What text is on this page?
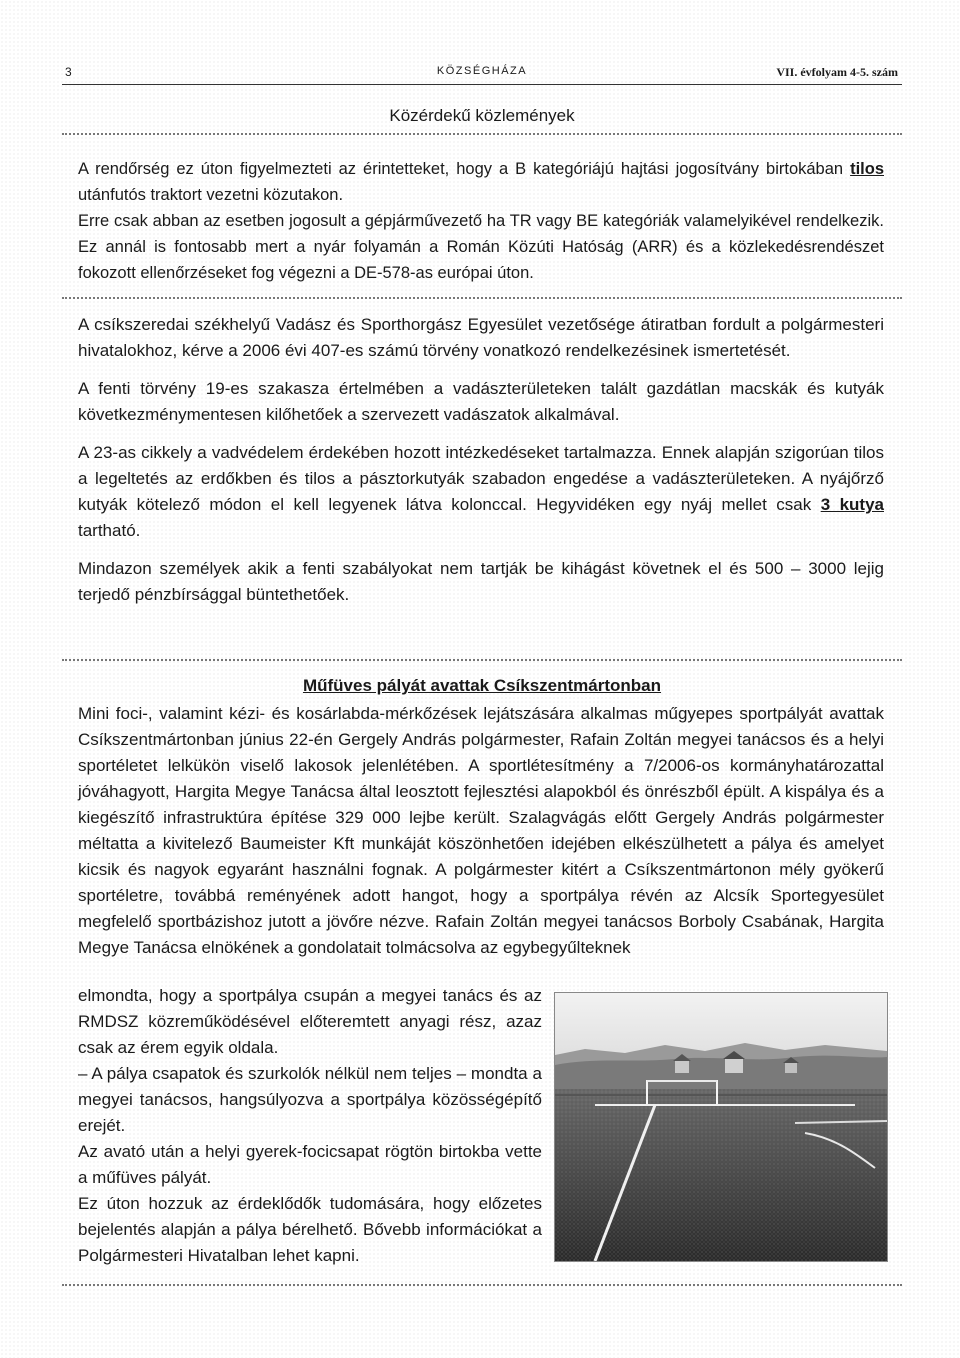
3	KÖZSÉGHÁZA	VII. évfolyam 4-5. szám
Közérdekű közlemények

A rendőrség ez úton figyelmezteti az érintetteket, hogy a B kategóriájú hajtási jogosítvány birtokában tilos utánfutós traktort vezetni közutakon.

Erre csak abban az esetben jogosult a gépjárművezető ha TR vagy BE kategóriák valamelyikével rendelkezik. Ez annál is fontosabb mert a nyár folyamán a Román Közúti Hatóság (ARR) és a közlekedésrendészet fokozott ellenőrzéseket fog végezni a DE-578-as európai úton.

A csíkszeredai székhelyű Vadász és Sporthorgász Egyesület vezetősége átiratban fordult a polgármesteri hivatalokhoz, kérve a 2006 évi 407-es számú törvény vonatkozó rendelkezésinek ismertetését.

A fenti törvény 19-es szakasza értelmében a vadászterületeken talált gazdátlan macskák és kutyák következménymentesen kilőhetőek a szervezett vadászatok alkalmával.

A 23-as cikkely a vadvédelem érdekében hozott intézkedéseket tartalmazza. Ennek alapján szigorúan tilos a legeltetés az erdőkben és tilos a pásztorkutyák szabadon engedése a vadászterületeken. A nyájőrző kutyák kötelező módon el kell legyenek látva kolonccal. Hegyvidéken egy nyáj mellet csak 3 kutya tartható.

Mindazon személyek akik a fenti szabályokat nem tartják be kihágást követnek el és 500 – 3000 lejig terjedő pénzbírsággal büntethetőek.

Műfüves pályát avattak Csíkszentmártonban
Mini foci-, valamint kézi- és kosárlabda-mérkőzések lejátszására alkalmas műgyepes sportpályát avattak Csíkszentmártonban június 22-én Gergely András polgármester, Rafain Zoltán megyei tanácsos és a helyi sportéletet lelkükön viselő lakosok jelenlétében. A sportlétesítmény a 7/2006-os kormányhatározattal jóváhagyott, Hargita Megye Tanácsa által leosztott fejlesztési alapokból és önrészből épült. A kispálya és a kiegészítő infrastruktúra építése 329 000 lejbe került. Szalagvágás előtt Gergely András polgármester méltatta a kivitelező Baumeister Kft munkáját köszönhetően idejében elkészülhetett a pálya és amelyet kicsik és nagyok egyaránt használni fognak. A polgármester kitért a Csíkszentmártonon mély gyökerű sportéletre, továbbá reményének adott hangot, hogy a sportpálya révén az Alcsík Sportegyesület megfelelő sportbázishoz jutott a jövőre nézve. Rafain Zoltán megyei tanácsos Borboly Csabának, Hargita Megye Tanácsa elnökének a gondolatait tolmácsolva az egybegyűlteknek

elmondta, hogy a sportpálya csupán a megyei tanács és az RMDSZ közreműködésével előteremtett anyagi rész, azaz csak az érem egyik oldala.

– A pálya csapatok és szurkolók nélkül nem teljes – mondta a megyei tanácsos, hangsúlyozva a sportpálya közösségépítő erejét.

Az avató után a helyi gyerek-focicsapat rögtön birtokba vette a műfüves pályát.

Ez úton hozzuk az érdeklődők tudomására, hogy előzetes bejelentés alapján a pálya bérelhető. Bővebb információkat a Polgármesteri Hivatalban lehet kapni.
